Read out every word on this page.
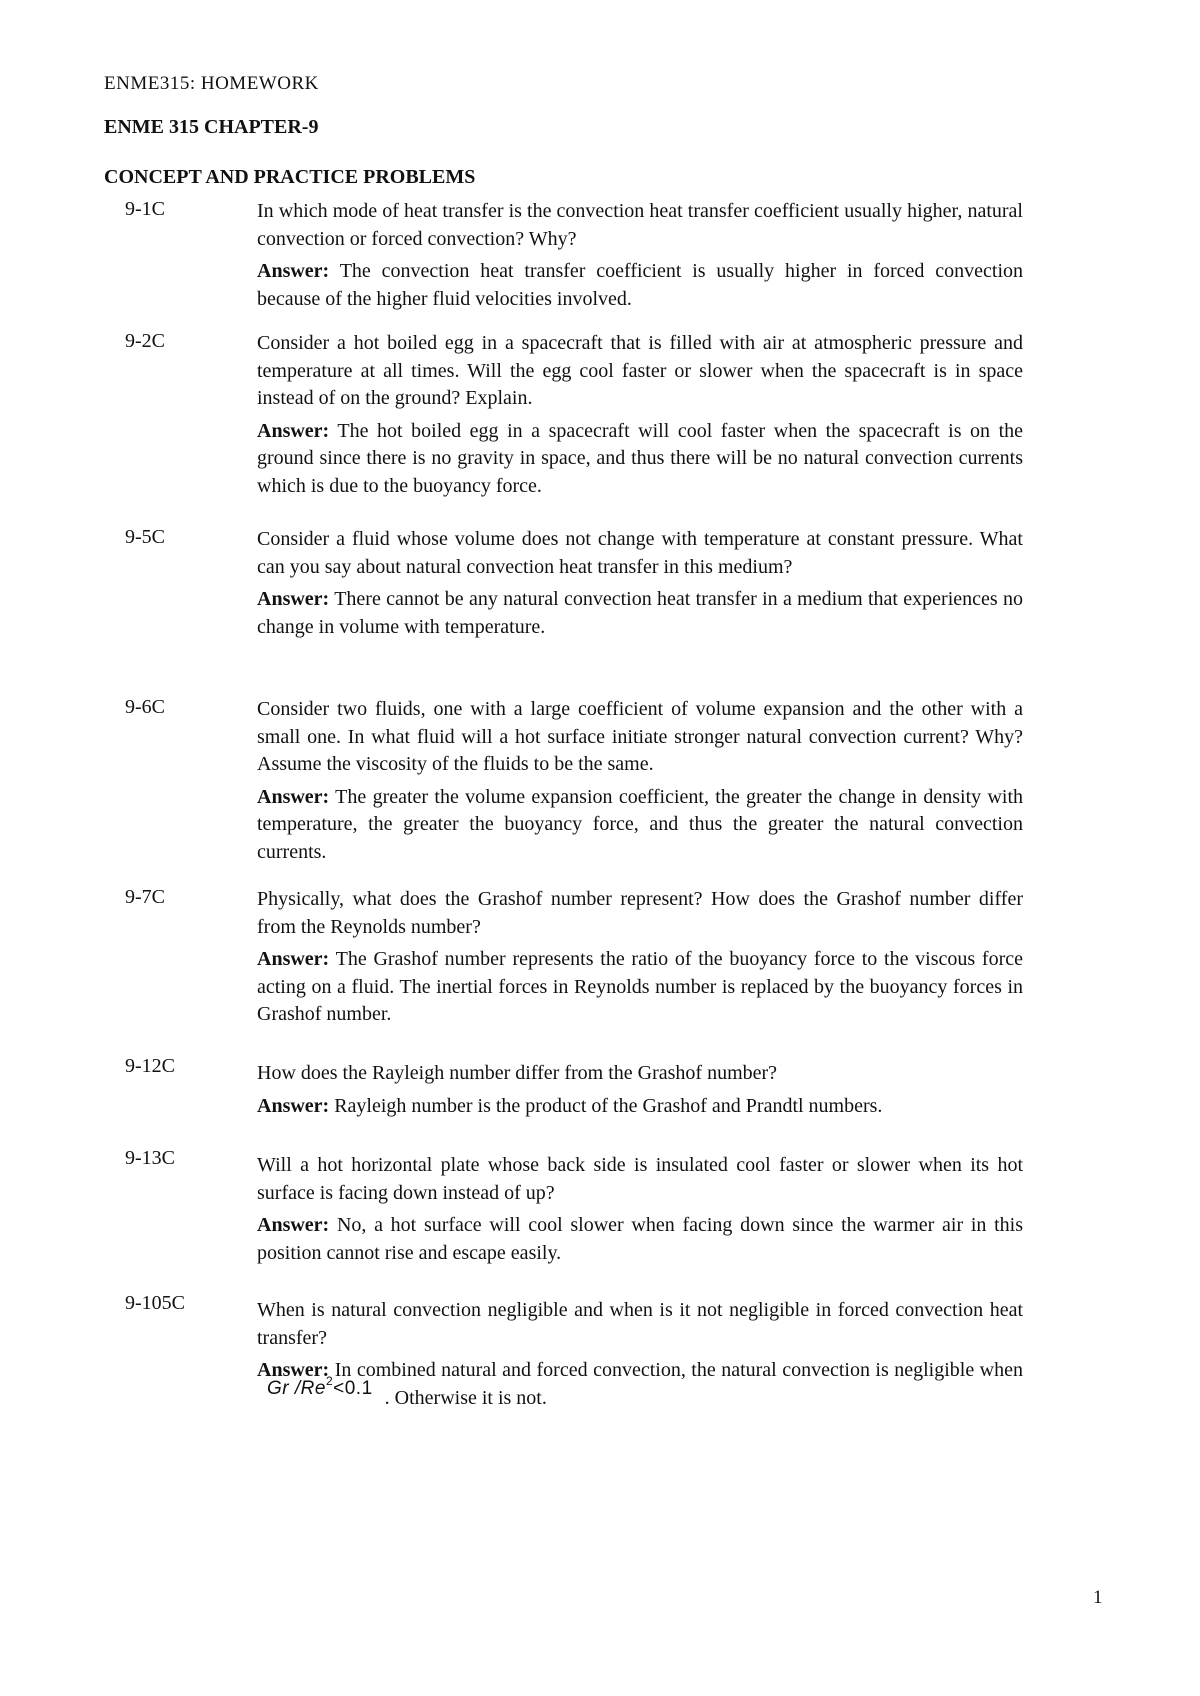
ENME315: HOMEWORK
ENME 315 CHAPTER-9
CONCEPT AND PRACTICE PROBLEMS
9-1C	In which mode of heat transfer is the convection heat transfer coefficient usually higher, natural convection or forced convection? Why?

Answer: The convection heat transfer coefficient is usually higher in forced convection because of the higher fluid velocities involved.

9-2C	Consider a hot boiled egg in a spacecraft that is filled with air at atmospheric pressure and temperature at all times. Will the egg cool faster or slower when the spacecraft is in space instead of on the ground? Explain.

Answer: The hot boiled egg in a spacecraft will cool faster when the spacecraft is on the ground since there is no gravity in space, and thus there will be no natural convection currents which is due to the buoyancy force.

9-5C	Consider a fluid whose volume does not change with temperature at constant pressure. What can you say about natural convection heat transfer in this medium?

Answer: There cannot be any natural convection heat transfer in a medium that experiences no change in volume with temperature.

9-6C	Consider two fluids, one with a large coefficient of volume expansion and the other with a small one. In what fluid will a hot surface initiate stronger natural convection current? Why? Assume the viscosity of the fluids to be the same.

Answer: The greater the volume expansion coefficient, the greater the change in density with temperature, the greater the buoyancy force, and thus the greater the natural convection currents.

9-7C	Physically, what does the Grashof number represent? How does the Grashof number differ from the Reynolds number?

Answer: The Grashof number represents the ratio of the buoyancy force to the viscous force acting on a fluid. The inertial forces in Reynolds number is replaced by the buoyancy forces in Grashof number.

9-12C	How does the Rayleigh number differ from the Grashof number?

Answer: Rayleigh number is the product of the Grashof and Prandtl numbers.

9-13C	Will a hot horizontal plate whose back side is insulated cool faster or slower when its hot surface is facing down instead of up?

Answer: No, a hot surface will cool slower when facing down since the warmer air in this position cannot rise and escape easily.

9-105C	When is natural convection negligible and when is it not negligible in forced convection heat transfer?

Answer: In combined natural and forced convection, the natural convection is negligible whenGr $/Re^2<0.1$ . Otherwise it is not.

1
